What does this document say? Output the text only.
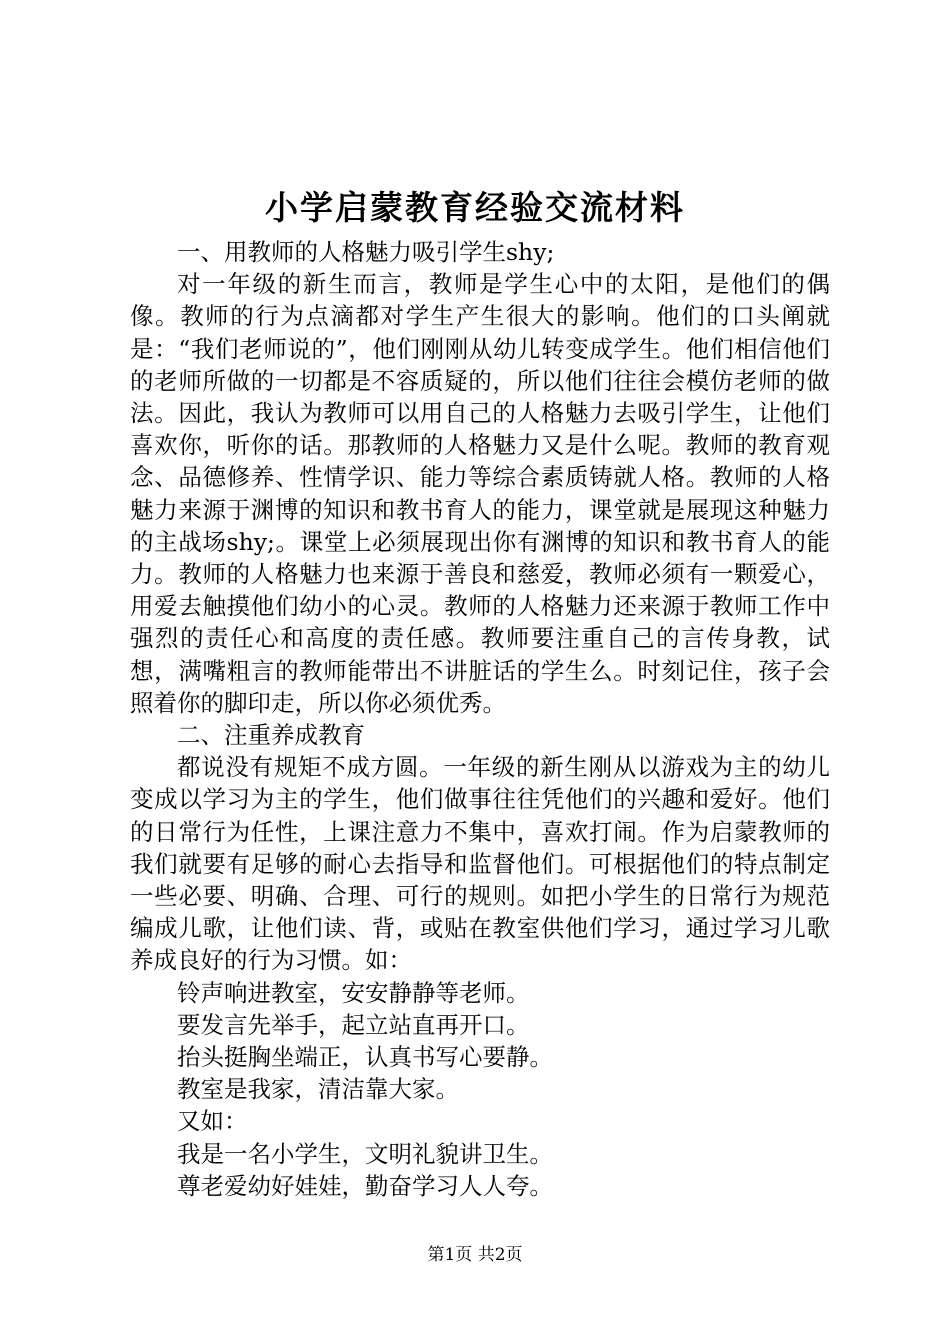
小学启蒙教育经验交流材料

一、用教师的人格魅力吸引学生shy;

对一年级的新生而言，教师是学生心中的太阳，是他们的偶像。教师的行为点滴都对学生产生很大的影响。他们的口头阐就是：“我们老师说的”，他们刚刚从幼儿转变成学生。他们相信他们的老师所做的一切都是不容质疑的，所以他们往往会模仿老师的做法。因此，我认为教师可以用自己的人格魅力去吸引学生，让他们喜欢你，听你的话。那教师的人格魅力又是什么呢。教师的教育观念、品德修养、性情学识、能力等综合素质铸就人格。教师的人格魅力来源于渊博的知识和教书育人的能力，课堂就是展现这种魅力的主战场shy;。课堂上必须展现出你有渊博的知识和教书育人的能力。教师的人格魅力也来源于善良和慈爱，教师必须有一颗爱心，用爱去触摸他们幼小的心灵。教师的人格魅力还来源于教师工作中强烈的责任心和高度的责任感。教师要注重自己的言传身教，试想，满嘴粗言的教师能带出不讲脏话的学生么。时刻记住，孩子会照着你的脚印走，所以你必须优秀。

二、注重养成教育

都说没有规矩不成方圆。一年级的新生刚从以游戏为主的幼儿变成以学习为主的学生，他们做事往往凭他们的兴趣和爱好。他们的日常行为任性，上课注意力不集中，喜欢打闹。作为启蒙教师的我们就要有足够的耐心去指导和监督他们。可根据他们的特点制定一些必要、明确、合理、可行的规则。如把小学生的日常行为规范编成儿歌，让他们读、背，或贴在教室供他们学习，通过学习儿歌养成良好的行为习惯。如：

铃声响进教室，安安静静等老师。

要发言先举手，起立站直再开口。

抬头挺胸坐端正，认真书写心要静。

教室是我家，清洁靠大家。

又如：

我是一名小学生，文明礼貌讲卫生。

尊老爱幼好娃娃，勤奋学习人人夸。

第1页 共2页
